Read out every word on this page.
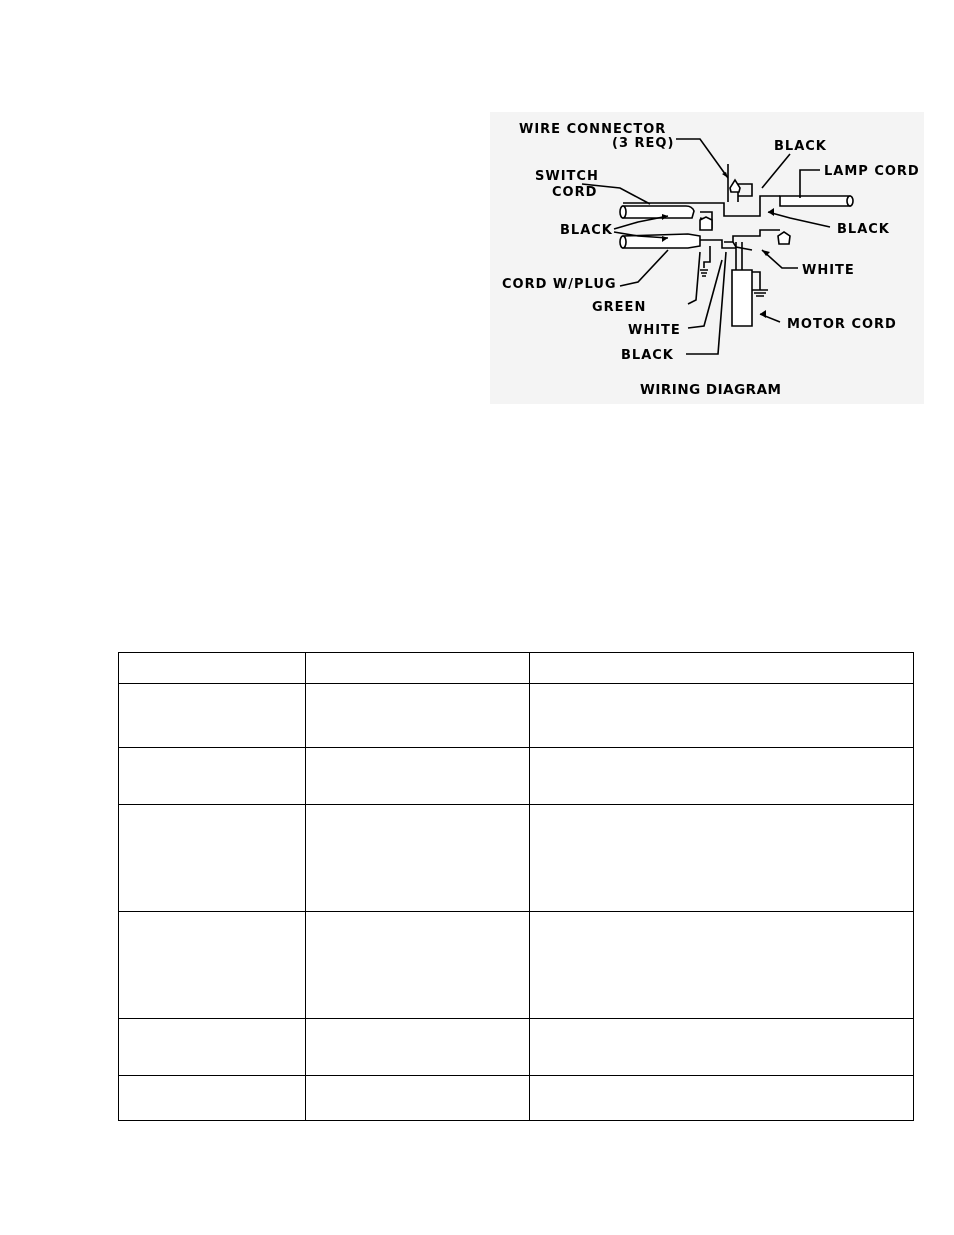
WIRE CONNECTOR
(3 REQ)	BLACK
LAMP CORD
SWITCH
CORD
BLACK	BLACK
CORD W/PLUG
WHITE
GREEN
WHITE	MOTOR CORD
BLACK
WIRING DIAGRAM
